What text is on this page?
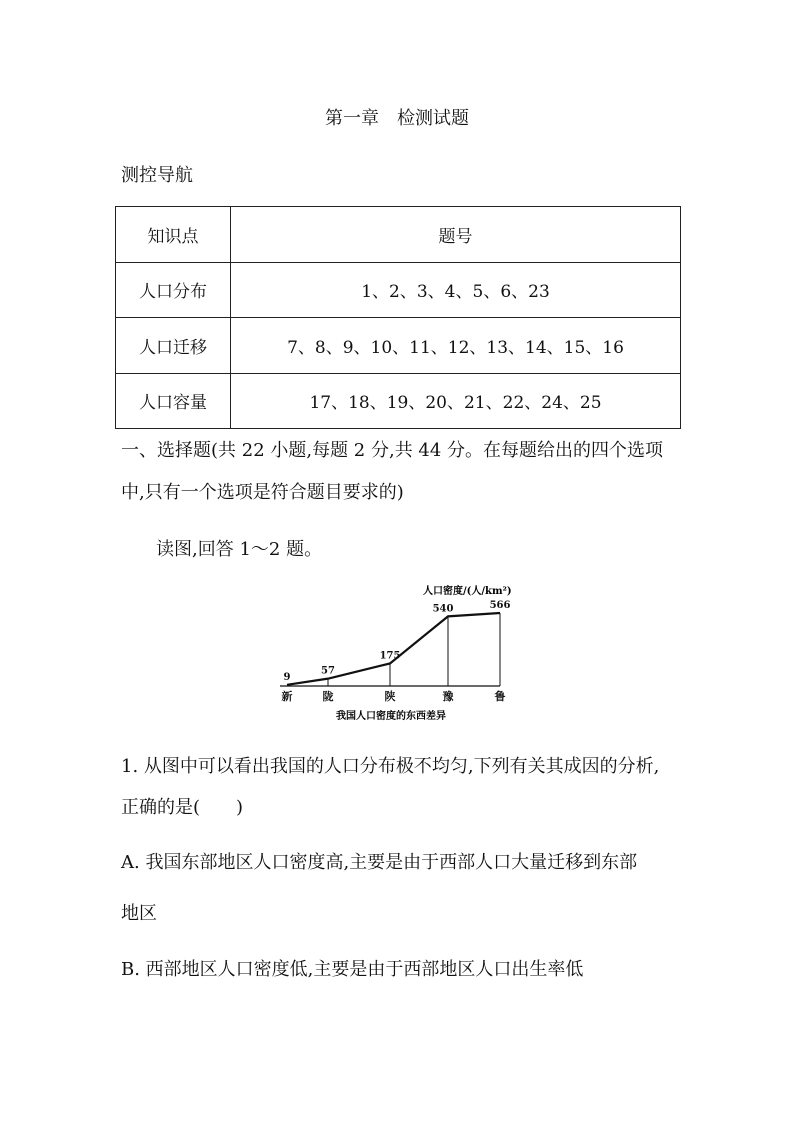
第一章　检测试题
测控导航
知识点	题号
人口分布	1、2、3、4、5、6、23
人口迁移	7、8、9、10、11、12、13、14、15、16
人口容量	17、18、19、20、21、22、24、25
一、选择题(共 22 小题,每题 2 分,共 44 分。在每题给出的四个选项
中,只有一个选项是符合题目要求的)
读图,回答 1～2 题。
人口密度/(人/km²)
9
57
175
540	566
新	陇	陕	豫	鲁
我国人口密度的东西差异
1. 从图中可以看出我国的人口分布极不均匀,下列有关其成因的分析,
正确的是(　　)
A. 我国东部地区人口密度高,主要是由于西部人口大量迁移到东部
地区
B. 西部地区人口密度低,主要是由于西部地区人口出生率低
